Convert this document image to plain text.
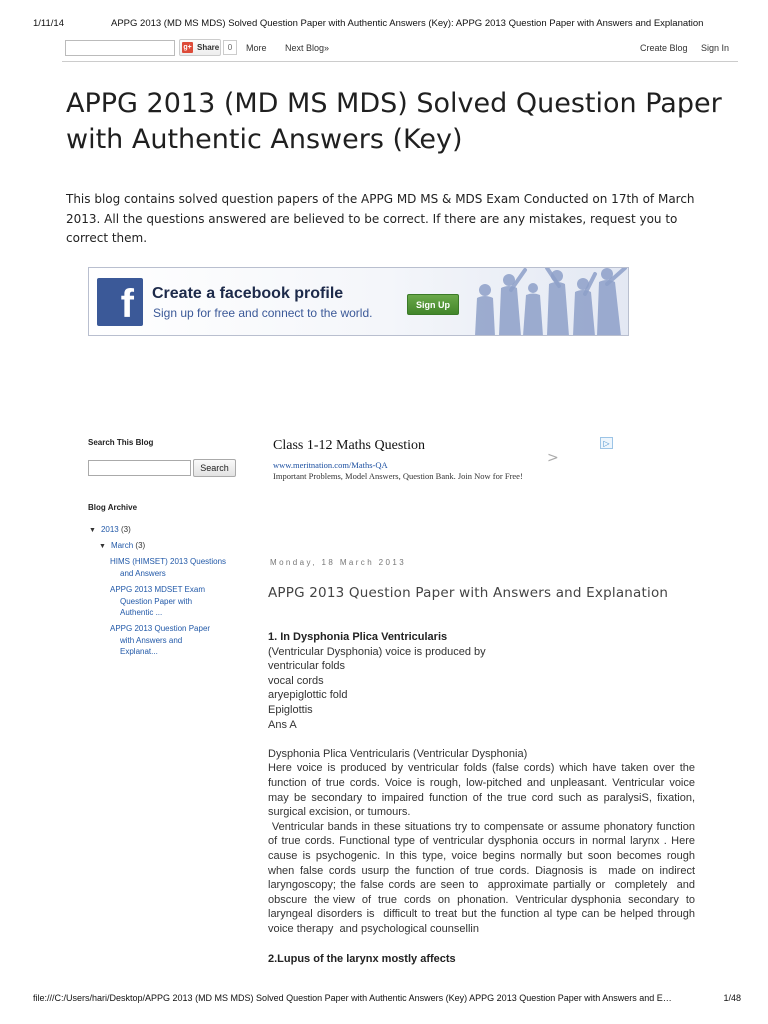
1/11/14	APPG 2013 (MD MS MDS) Solved Question Paper with Authentic Answers (Key): APPG 2013 Question Paper with Answers and Explanation
g+ Share	0	More Next Blog»	Create Blog Sign In
APPG 2013 (MD MS MDS) Solved Question Paper with Authentic Answers (Key)

This blog contains solved question papers of the APPG MD MS & MDS Exam Conducted on 17th of March 2013. All the questions answered are believed to be correct. If there are any mistakes, request you to correct them.

f	Create a facebook profile
Sign up for free and connect to the world.
Sign Up
Search This Blog
Search
Blog Archive
▼ 2013 (3)
▼ March (3)
HIMS (HIMSET) 2013 Questions
and Answers
APPG 2013 MDSET Exam
Question Paper with
Authentic ...
APPG 2013 Question Paper
with Answers and
Explanat...
Class 1-12 Maths Question
www.meritnation.com/Maths-QA
Important Problems, Model Answers, Question Bank. Join Now for Free!
>
▷
Monday, 18 March 2013
APPG 2013 Question Paper with Answers and Explanation
1. In Dysphonia Plica Ventricularis
(Ventricular Dysphonia) voice is produced by
ventricular folds
vocal cords
aryepiglottic fold
Epiglottis
Ans A
Dysphonia Plica Ventricularis (Ventricular Dysphonia)
Here voice is produced by ventricular folds (false cords) which have taken over the function of true cords. Voice is rough, low-pitched and unpleasant. Ventricular voice may be secondary to impaired function of the true cord such as paralysiS, fixation, surgical excision, or tumours.
Ventricular bands in these situations try to compensate or assume phonatory function of true cords. Functional type of ventricular dysphonia occurs in normal larynx . Here cause is psychogenic. In this type, voice begins normally but soon becomes rough when false cords usurp the function of true cords. Diagnosis is  made on indirect laryngoscopy; the false cords are seen to  approximate partially or  completely  and  obscure  the view  of  true  cords  on  phonation.  Ventricular dysphonia  secondary  to laryngeal disorders is  difficult to treat but the function al type can be helped through voice therapy  and psychological counsellin
2.Lupus of the larynx mostly affects
file:///C:/Users/hari/Desktop/APPG 2013 (MD MS MDS) Solved Question Paper with Authentic Answers (Key) APPG 2013 Question Paper with Answers and E…	1/48
